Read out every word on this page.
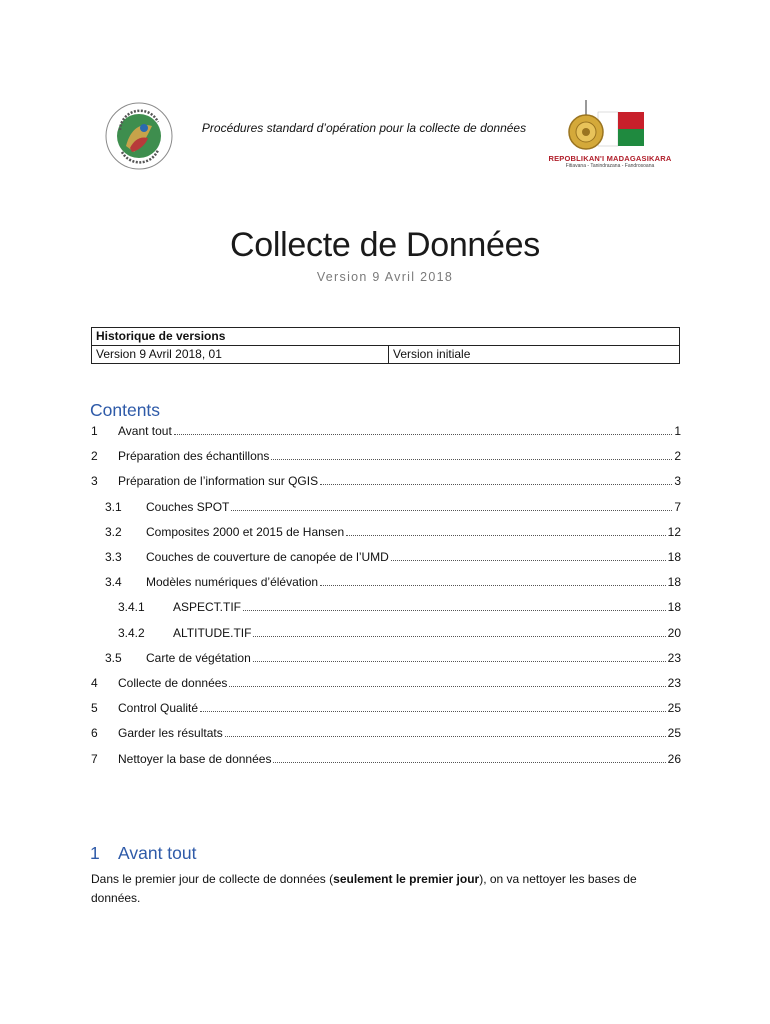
Procédures standard d’opération pour la collecte de données
REPOBLIKAN'I MADAGASIKARA
Fitiavana - Tanindrazana - Fandrosoana
Collecte de Données
Version 9 Avril 2018
Historique de versions
Version 9 Avril 2018, 01	Version initiale
Contents
1	Avant tout	1
2	Préparation des échantillons	2
3	Préparation de l’information sur QGIS	3
3.1	Couches SPOT	7
3.2	Composites 2000 et 2015 de Hansen	12
3.3	Couches de couverture de canopée de l’UMD	18
3.4	Modèles numériques d’élévation	18
3.4.1	ASPECT.TIF	18
3.4.2	ALTITUDE.TIF	20
3.5	Carte de végétation	23
4	Collecte de données	23
5	Control Qualité	25
6	Garder les résultats	25
7	Nettoyer la base de données	26
1 Avant tout
Dans le premier jour de collecte de données (seulement le premier jour), on va nettoyer les bases de données.
